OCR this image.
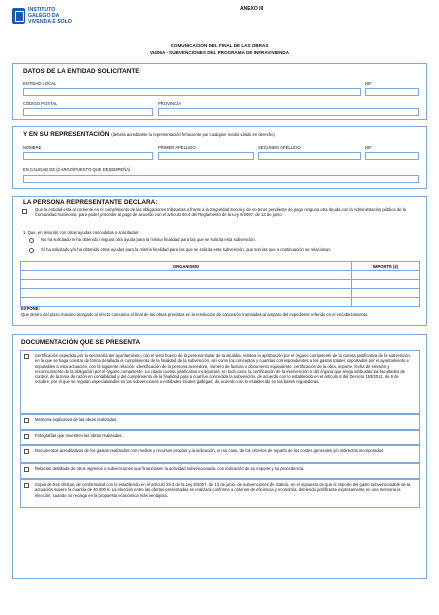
INSTITUTO
GALEGO DA
VIVENDA E SOLO
ANEXO III
COMUNICACIÓN DEL FINAL DE LAS OBRAS
VI406A - SUBVENCIONES DEL PROGRAMA DE INFRAVIVIENDA
DATOS DE LA ENTIDAD SOLICITANTE
ENTIDAD LOCAL	NIF
CÓDIGO POSTAL	PROVINCIA
Y EN SU REPRESENTACIÓN (deberá acreditarse la representación fehaciente por cualquier medio válido en derecho)
NOMBRE	PRIMER APELLIDO	SEGUNDO APELLIDO	NIF
EN CALIDAD DE (CARGO/PUESTO QUE DESEMPEÑA)
LA PERSONA REPRESENTANTE DECLARA:
Que la entidad está al corriente en el cumplimiento de las obligaciones tributarias o frente a la Seguridad Social y de no tener pendiente de pago ninguna otra deuda con la Administración pública de la Comunidad Autónoma, para poder proceder al pago de acuerdo con el artículo 60.4 del Reglamento de la Ley 9/2007, de 13 de junio.
1. Que, en relación con otras ayudas concedidas o solicitadas:
No ha solicitado ni ha obtenido ninguna otra ayuda para la misma finalidad para las que se solicita esta subvención.
Sí ha solicitado y/o ha obtenido otras ayudas para la misma finalidad para las que se solicita esta subvención, que son las que a continuación se relacionan:
EXPONE:
Que dentro del plazo máximo otorgado al efecto comunica el final de las obras previstas en la resolución de concesión tramitadas al amparo del expediente referido en el encabezamiento.
ORGANISMO	IMPORTE (€)

DOCUMENTACIÓN QUE SE PRESENTA
Certificación expedida por la secretaría del ayuntamiento, con el visto bueno de la persona titular de la alcaldía, relativa la aprobación por el órgano competente de la cuenta justificativa de la subvención, en la que se haga constar de forma detallada el cumplimiento de la finalidad de la subvención, así como los conceptos y cuantías correspondientes a los gastos totales soportados por el ayuntamiento e imputables a esta actuación, con la siguiente relación: identificación de la persona acreedora, número de factura o documento equivalente, certificación de la obra, importe, fecha de emisión y reconocimiento de la obligación por el órgano competente. La citada cuenta justificativa incorporará, en todo caso, la certificación de la intervención o del órgano que tenga atribuidas las facultades de control, de la toma de razón en contabilidad y del cumplimiento de la finalidad para a cual fue concedida la subvención, de acuerdo con lo establecido en el artículo 8 del Decreto 193/2011, de 6 de octubre, por el que se regulan especialidades en las subvenciones a entidades locales gallegas, de acuerdo con lo establecido en las bases reguladoras.
Memoria explicativa de las obras realizadas.
Fotografías que muestren las obras realizadas.
Documentos acreditativos de los gastos realizados con medios y recursos propios y la indicación, en su caso, de los criterios de reparto de los costes generales y/o indirectos incorporados.
Relación detallada de otros ingresos o subvenciones que financiasen la actividad subvencionada, con indicación de su importe y su procedencia.
Copia de tres ofertas, de conformidad con lo establecido en el artículo 29.3 de la Ley 9/2007, de 13 de junio, de subvenciones de Galicia, en el supuesto de que el importe del gasto subvencionable de la actuación supere la cuantía de 40.000 €. La elección entre las ofertas presentadas se realizará conforme a criterios de eficiencia y economía, debiendo justificarse expresamente en una memoria la elección, cuando no recaiga en la propuesta económica más ventajosa.
